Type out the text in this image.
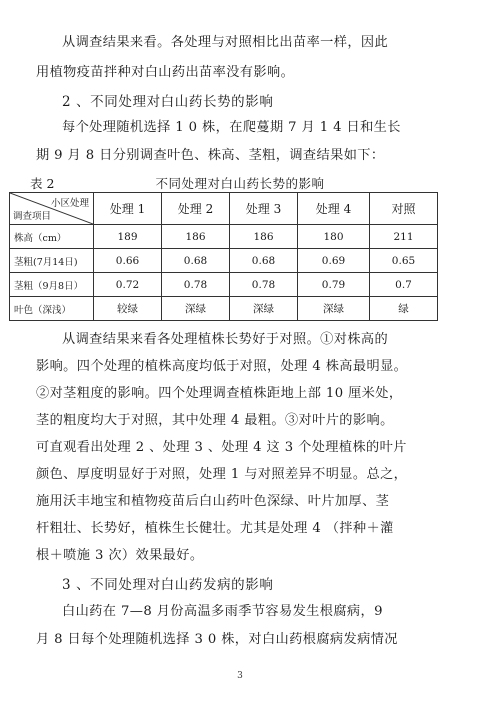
从调查结果来看。各处理与对照相比出苗率一样，因此
用植物疫苗拌种对白山药出苗率没有影响。
2 、不同处理对白山药长势的影响
每个处理随机选择 1 0 株，在爬蔓期 7 月 1 4 日和生长
期 9 月 8 日分别调查叶色、株高、茎粗，调查结果如下：
表 2	不同处理对白山药长势的影响
小区处理
调查项目	处理 1	处理 2	处理 3	处理 4	对照
株高（cm）	189	186	186	180	211
茎粗(7月14日)	0.66	0.68	0.68	0.69	0.65
茎粗（9月8日）	0.72	0.78	0.78	0.79	0.7
叶色（深浅）	较绿	深绿	深绿	深绿	绿
从调查结果来看各处理植株长势好于对照。①对株高的
影响。四个处理的植株高度均低于对照，处理 4 株高最明显。
②对茎粗度的影响。四个处理调查植株距地上部 10 厘米处，
茎的粗度均大于对照，其中处理 4 最粗。③对叶片的影响。
可直观看出处理 2 、处理 3 、处理 4 这 3 个处理植株的叶片
颜色、厚度明显好于对照，处理 1 与对照差异不明显。总之，
施用沃丰地宝和植物疫苗后白山药叶色深绿、叶片加厚、茎
杆粗壮、长势好，植株生长健壮。尤其是处理 4 （拌种＋灌
根＋喷施 3 次）效果最好。
3 、不同处理对白山药发病的影响
白山药在 7—8 月份高温多雨季节容易发生根腐病，9
月 8 日每个处理随机选择 3 0 株，对白山药根腐病发病情况
3
